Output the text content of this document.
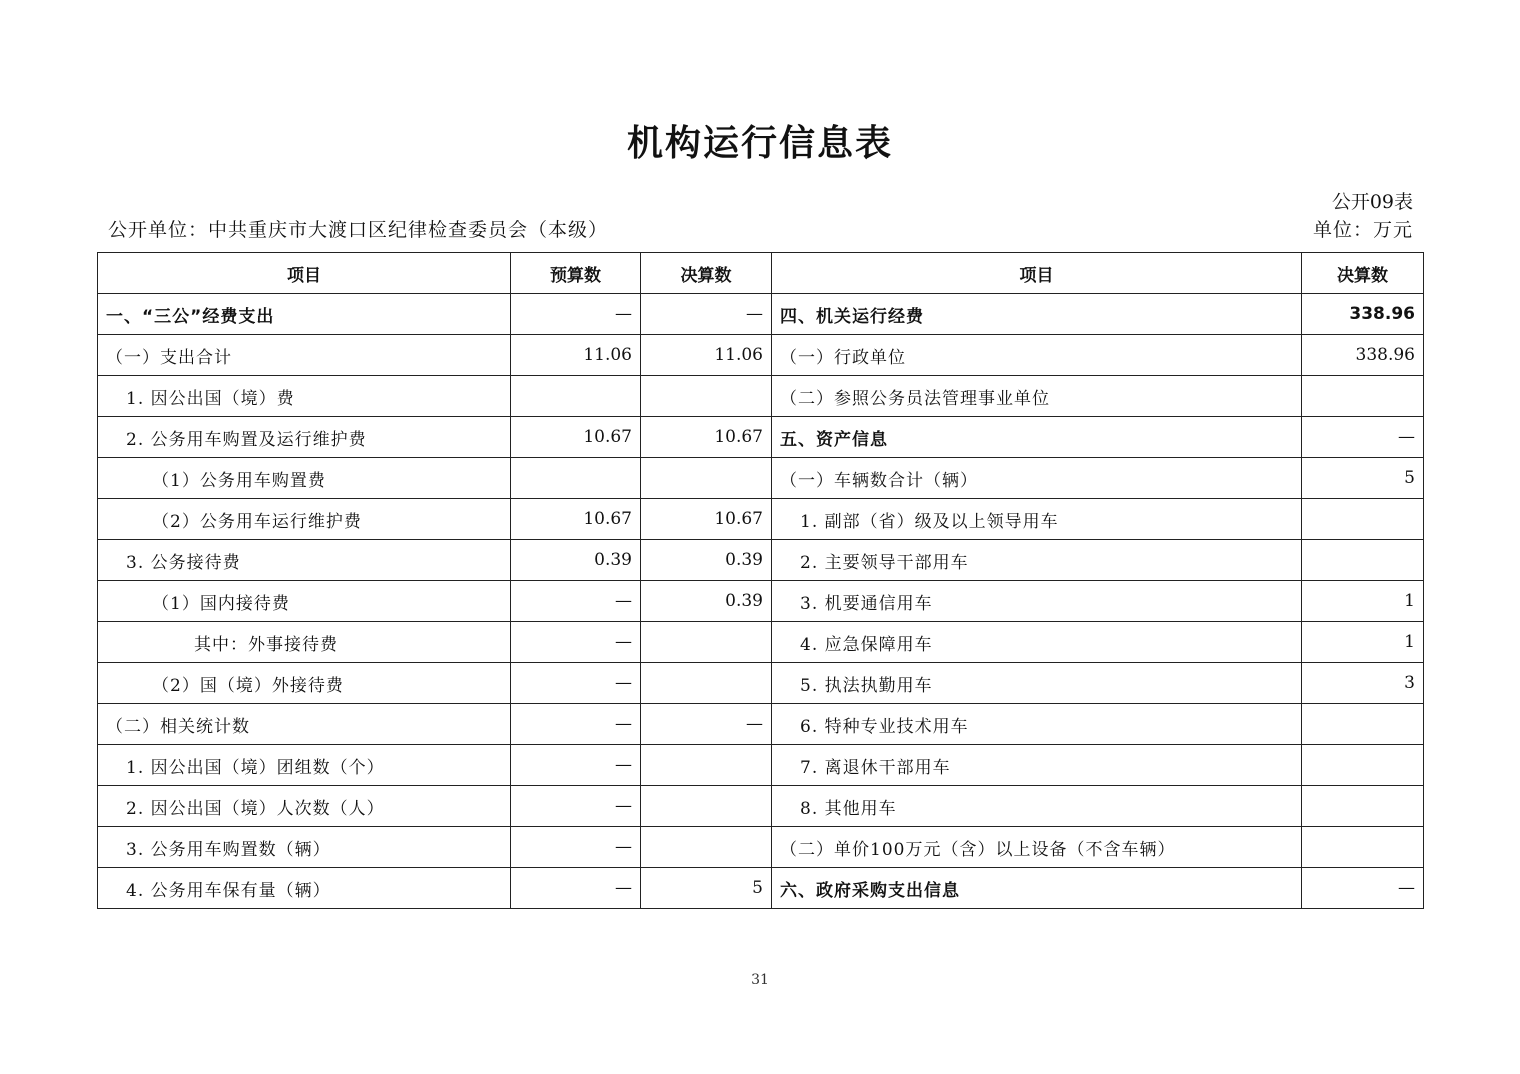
机构运行信息表
公开09表
公开单位：中共重庆市大渡口区纪律检查委员会（本级）	单位：万元
项目	预算数	决算数	项目	决算数
一、“三公”经费支出	—	—	四、机关运行经费	338.96
（一）支出合计	11.06	11.06	（一）行政单位	338.96
1. 因公出国（境）费			（二）参照公务员法管理事业单位	
2. 公务用车购置及运行维护费	10.67	10.67	五、资产信息	—
（1）公务用车购置费			（一）车辆数合计（辆）	5
（2）公务用车运行维护费	10.67	10.67	1. 副部（省）级及以上领导用车	
3. 公务接待费	0.39	0.39	2. 主要领导干部用车	
（1）国内接待费	—	0.39	3. 机要通信用车	1
其中：外事接待费	—		4. 应急保障用车	1
（2）国（境）外接待费	—		5. 执法执勤用车	3
（二）相关统计数	—	—	6. 特种专业技术用车	
1. 因公出国（境）团组数（个）	—		7. 离退休干部用车	
2. 因公出国（境）人次数（人）	—		8. 其他用车	
3. 公务用车购置数（辆）	—		（二）单价100万元（含）以上设备（不含车辆）	
4. 公务用车保有量（辆）	—	5	六、政府采购支出信息	—
31
